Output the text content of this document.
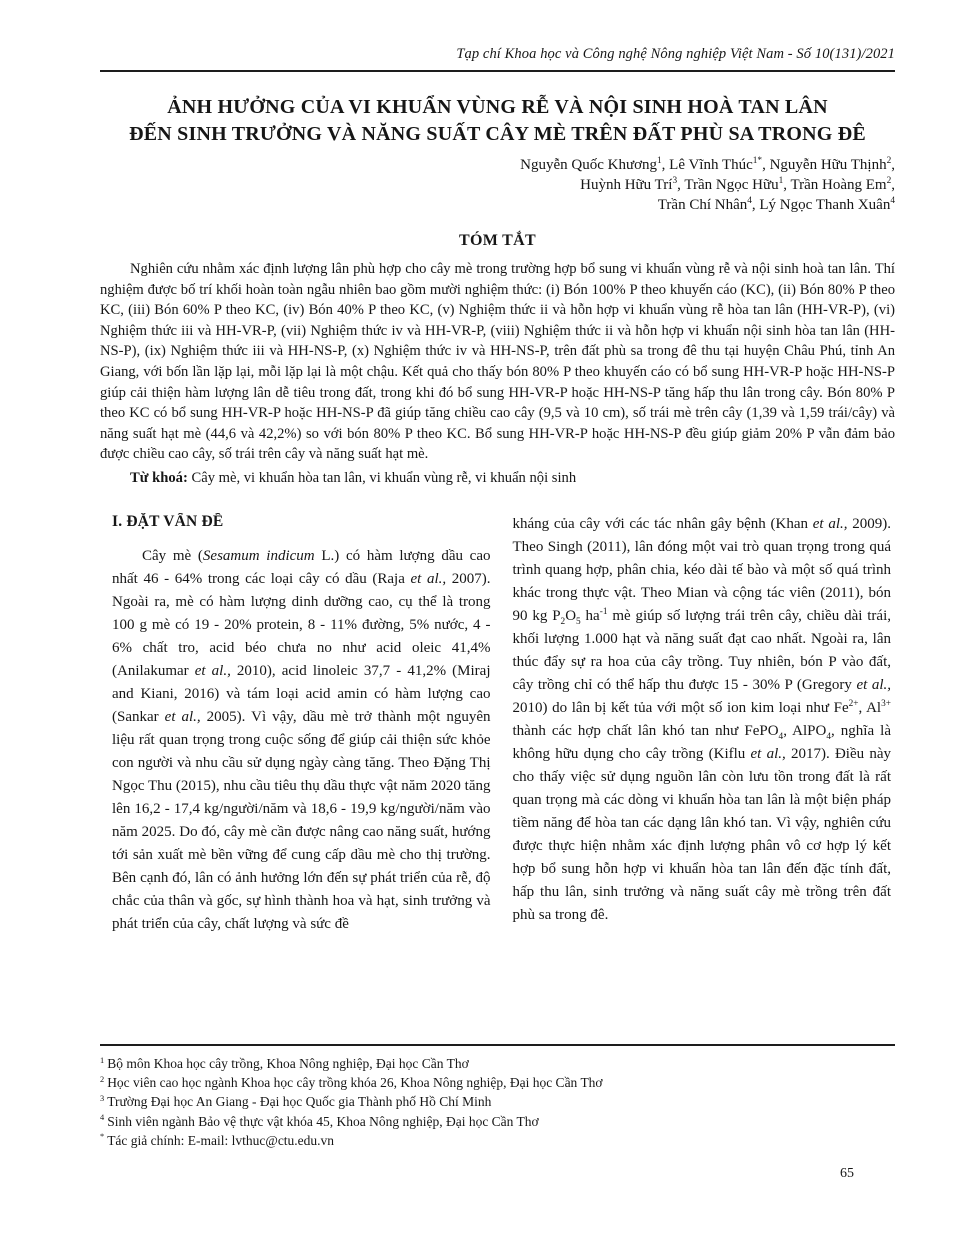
Tạp chí Khoa học và Công nghệ Nông nghiệp Việt Nam - Số 10(131)/2021
ẢNH HƯỞNG CỦA VI KHUẨN VÙNG RỄ VÀ NỘI SINH HOÀ TAN LÂN
ĐẾN SINH TRƯỞNG VÀ NĂNG SUẤT CÂY MÈ TRÊN ĐẤT PHÙ SA TRONG ĐÊ
Nguyễn Quốc Khương$^1$, Lê Vĩnh Thúc$^{1*}$, Nguyễn Hữu Thịnh$^2$,
Huỳnh Hữu Trí$^3$, Trần Ngọc Hữu$^1$, Trần Hoàng Em$^2$,
Trần Chí Nhân$^4$, Lý Ngọc Thanh Xuân$^4$
TÓM TẮT

Nghiên cứu nhằm xác định lượng lân phù hợp cho cây mè trong trường hợp bổ sung vi khuẩn vùng rễ và nội sinh hoà tan lân. Thí nghiệm được bố trí khối hoàn toàn ngẫu nhiên bao gồm mười nghiệm thức: (i) Bón 100% P theo khuyến cáo (KC), (ii) Bón 80% P theo KC, (iii) Bón 60% P theo KC, (iv) Bón 40% P theo KC, (v) Nghiệm thức ii và hỗn hợp vi khuẩn vùng rễ hòa tan lân (HH-VR-P), (vi) Nghiệm thức iii và HH-VR-P, (vii) Nghiệm thức iv và HH-VR-P, (viii) Nghiệm thức ii và hỗn hợp vi khuẩn nội sinh hòa tan lân (HH-NS-P), (ix) Nghiệm thức iii và HH-NS-P, (x) Nghiệm thức iv và HH-NS-P, trên đất phù sa trong đê thu tại huyện Châu Phú, tỉnh An Giang, với bốn lần lặp lại, mỗi lặp lại là một chậu. Kết quả cho thấy bón 80% P theo khuyến cáo có bổ sung HH-VR-P hoặc HH-NS-P giúp cải thiện hàm lượng lân dễ tiêu trong đất, trong khi đó bổ sung HH-VR-P hoặc HH-NS-P tăng hấp thu lân trong cây. Bón 80% P theo KC có bổ sung HH-VR-P hoặc HH-NS-P đã giúp tăng chiều cao cây (9,5 và 10 cm), số trái mè trên cây (1,39 và 1,59 trái/cây) và năng suất hạt mè (44,6 và 42,2%) so với bón 80% P theo KC. Bổ sung HH-VR-P hoặc HH-NS-P đều giúp giảm 20% P vẫn đảm bảo được chiều cao cây, số trái trên cây và năng suất hạt mè.

Từ khoá: Cây mè, vi khuẩn hòa tan lân, vi khuẩn vùng rễ, vi khuẩn nội sinh

I. ĐẶT VẤN ĐỀ

Cây mè (Sesamum indicum L.) có hàm lượng dầu cao nhất 46 - 64% trong các loại cây có dầu (Raja et al., 2007). Ngoài ra, mè có hàm lượng dinh dưỡng cao, cụ thể là trong 100 g mè có 19 - 20% protein, 8 - 11% đường, 5% nước, 4 - 6% chất tro, acid béo chưa no như acid oleic 41,4% (Anilakumar et al., 2010), acid linoleic 37,7 - 41,2% (Miraj and Kiani, 2016) và tám loại acid amin có hàm lượng cao (Sankar et al., 2005). Vì vậy, dầu mè trở thành một nguyên liệu rất quan trọng trong cuộc sống để giúp cải thiện sức khỏe con người và nhu cầu sử dụng ngày càng tăng. Theo Đặng Thị Ngọc Thu (2015), nhu cầu tiêu thụ dầu thực vật năm 2020 tăng lên 16,2 - 17,4 kg/người/năm và 18,6 - 19,9 kg/người/năm vào năm 2025. Do đó, cây mè cần được nâng cao năng suất, hướng tới sản xuất mè bền vững để cung cấp dầu mè cho thị trường. Bên cạnh đó, lân có ảnh hưởng lớn đến sự phát triển của rễ, độ chắc của thân và gốc, sự hình thành hoa và hạt, sinh trưởng và phát triển của cây, chất lượng và sức đề

kháng của cây với các tác nhân gây bệnh (Khan et al., 2009). Theo Singh (2011), lân đóng một vai trò quan trọng trong quá trình quang hợp, phân chia, kéo dài tế bào và một số quá trình khác trong thực vật. Theo Mian và cộng tác viên (2011), bón 90 kg $P_2O_5$ $ha^{-1}$ mè giúp số lượng trái trên cây, chiều dài trái, khối lượng 1.000 hạt và năng suất đạt cao nhất. Ngoài ra, lân thúc đẩy sự ra hoa của cây trồng. Tuy nhiên, bón P vào đất, cây trồng chỉ có thể hấp thu được 15 - 30% P (Gregory et al., 2010) do lân bị kết tủa với một số ion kim loại như $Fe^{2+}$, $Al^{3+}$ thành các hợp chất lân khó tan như FePO$_4$, AlPO$_4$, nghĩa là không hữu dụng cho cây trồng (Kiflu et al., 2017). Điều này cho thấy việc sử dụng nguồn lân còn lưu tồn trong đất là rất quan trọng mà các dòng vi khuẩn hòa tan lân là một biện pháp tiềm năng để hòa tan các dạng lân khó tan. Vì vậy, nghiên cứu được thực hiện nhằm xác định lượng phân vô cơ hợp lý kết hợp bổ sung hỗn hợp vi khuẩn hòa tan lân đến đặc tính đất, hấp thu lân, sinh trưởng và năng suất cây mè trồng trên đất phù sa trong đê.

$^1$ Bộ môn Khoa học cây trồng, Khoa Nông nghiệp, Đại học Cần Thơ
$^2$ Học viên cao học ngành Khoa học cây trồng khóa 26, Khoa Nông nghiệp, Đại học Cần Thơ
$^3$ Trường Đại học An Giang - Đại học Quốc gia Thành phố Hồ Chí Minh
$^4$ Sinh viên ngành Bảo vệ thực vật khóa 45, Khoa Nông nghiệp, Đại học Cần Thơ
* Tác giả chính: E-mail: lvthuc@ctu.edu.vn
65
